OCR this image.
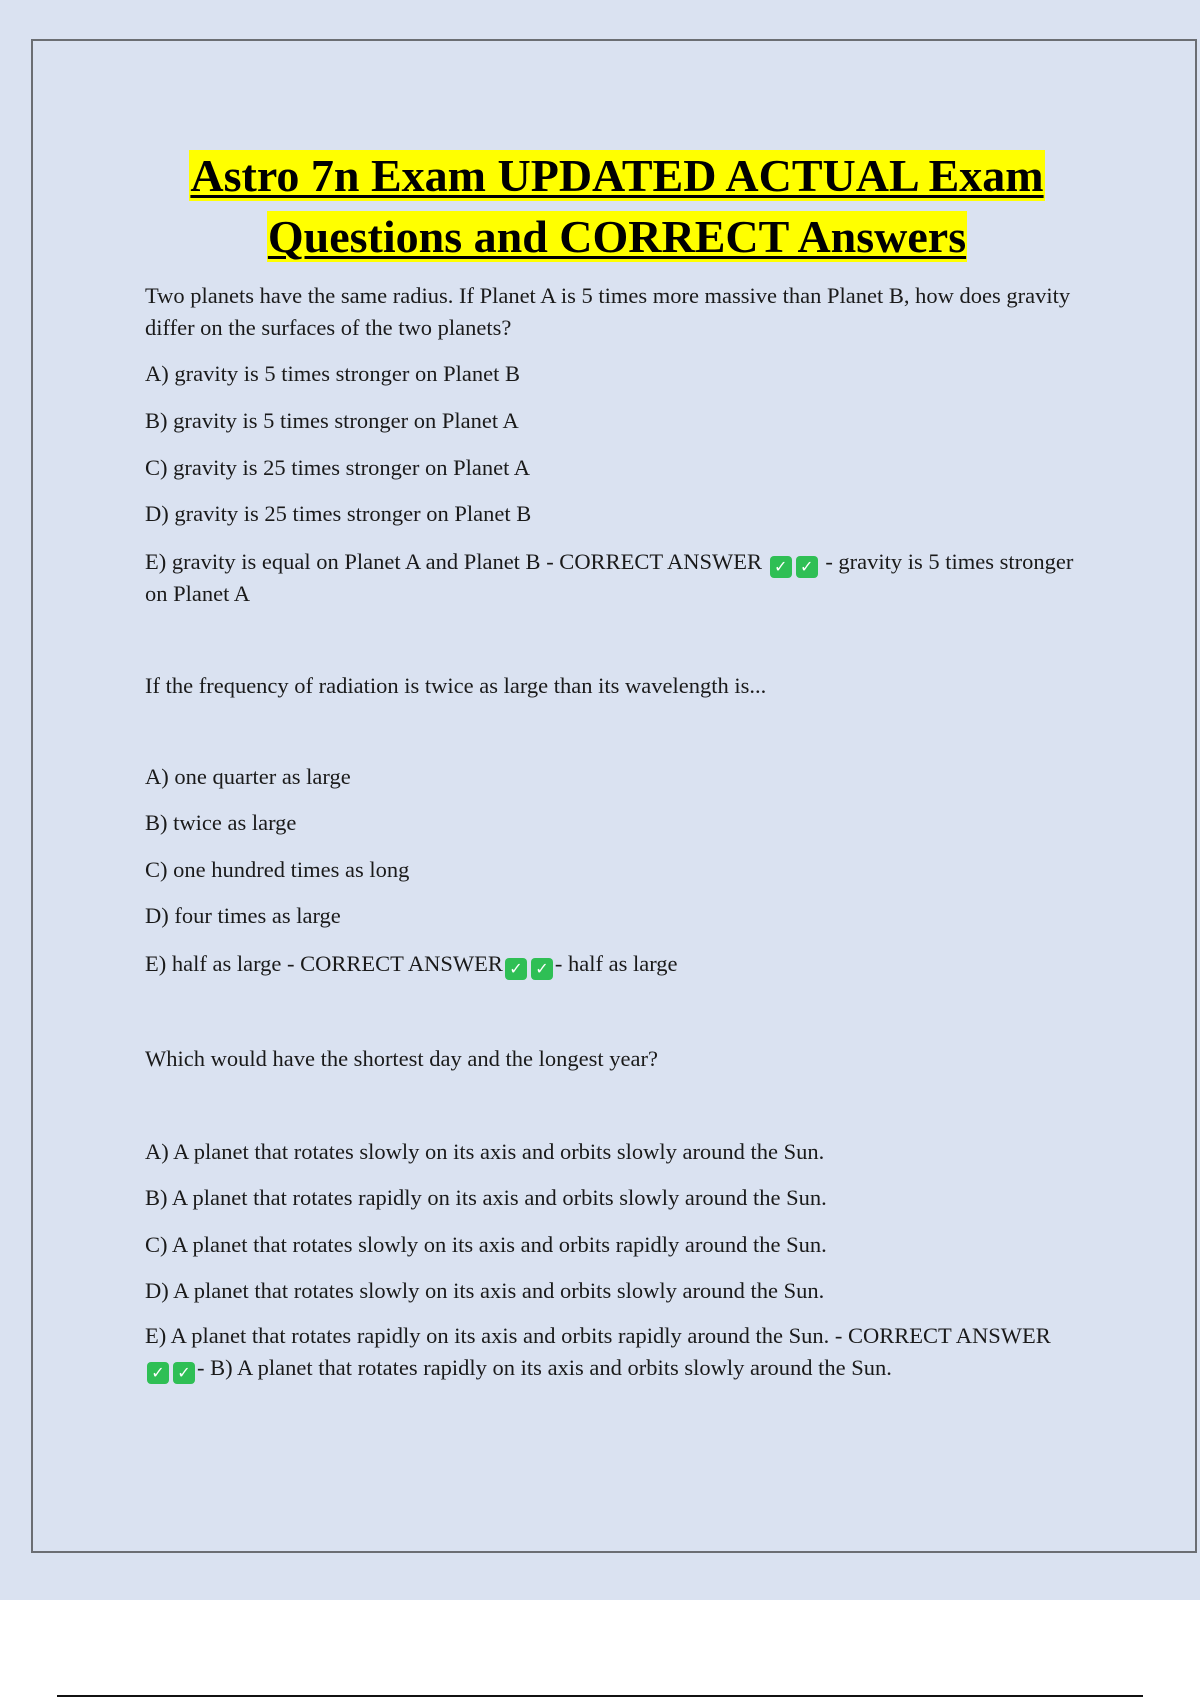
Astro 7n Exam UPDATED ACTUAL Exam
Questions and CORRECT Answers
Two planets have the same radius. If Planet A is 5 times more massive than Planet B, how does gravity differ on the surfaces of the two planets?
A) gravity is 5 times stronger on Planet B
B) gravity is 5 times stronger on Planet A
C) gravity is 25 times stronger on Planet A
D) gravity is 25 times stronger on Planet B
E) gravity is equal on Planet A and Planet B - CORRECT ANSWER ✓ ✓ - gravity is 5 times stronger on Planet A
If the frequency of radiation is twice as large than its wavelength is...
A) one quarter as large
B) twice as large
C) one hundred times as long
D) four times as large
E) half as large - CORRECT ANSWER ✓ ✓ - half as large
Which would have the shortest day and the longest year?
A) A planet that rotates slowly on its axis and orbits slowly around the Sun.
B) A planet that rotates rapidly on its axis and orbits slowly around the Sun.
C) A planet that rotates slowly on its axis and orbits rapidly around the Sun.
D) A planet that rotates slowly on its axis and orbits slowly around the Sun.
E) A planet that rotates rapidly on its axis and orbits rapidly around the Sun. - CORRECT ANSWER✓ ✓ - B) A planet that rotates rapidly on its axis and orbits slowly around the Sun.
